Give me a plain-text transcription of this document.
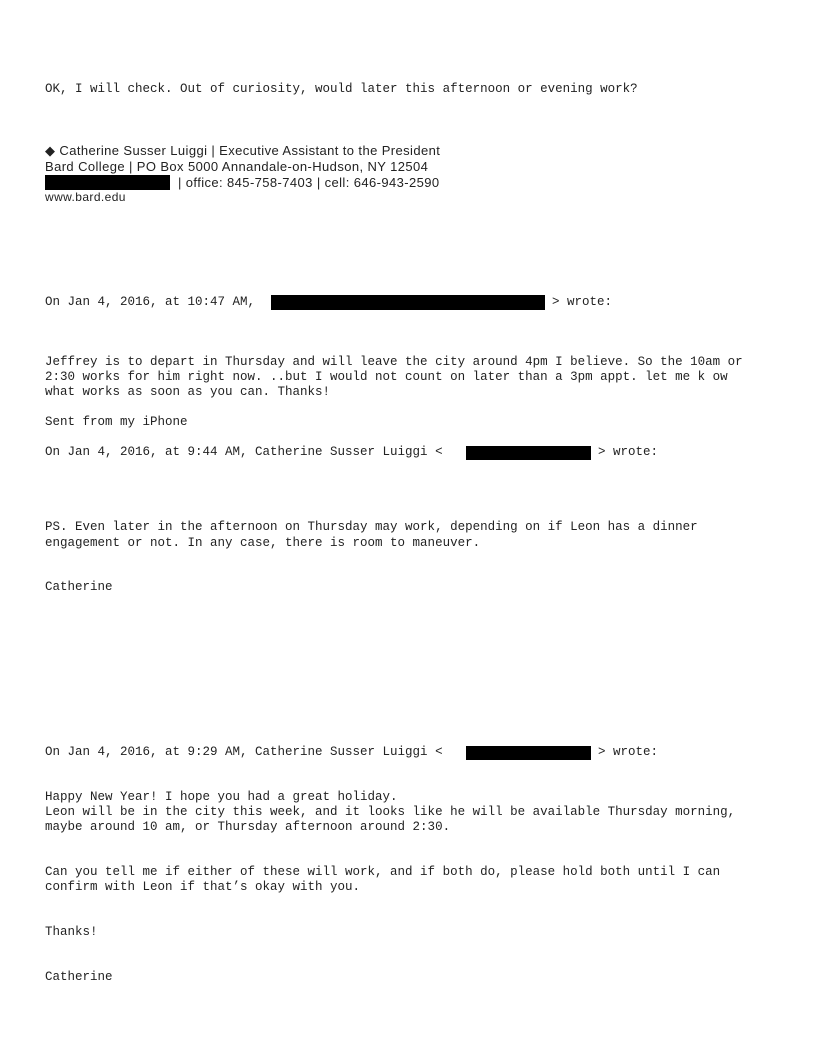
OK, I will check. Out of curiosity, would later this afternoon or evening work?

◆ Catherine Susser Luiggi | Executive Assistant to the President

Bard College | PO Box 5000 Annandale-on-Hudson, NY 12504

| office: 845-758-7403 | cell: 646-943-2590

www.bard.edu

On Jan 4, 2016, at 10:47 AM,	> wrote:

Jeffrey is to depart in Thursday and will leave the city around 4pm I believe. So the 10am or

2:30 works for him right now. ..but I would not count on later than a 3pm appt. let me k ow

what works as soon as you can. Thanks!

Sent from my iPhone

On Jan 4, 2016, at 9:44 AM, Catherine Susser Luiggi <	> wrote:

PS. Even later in the afternoon on Thursday may work, depending on if Leon has a dinner

engagement or not. In any case, there is room to maneuver.

Catherine

On Jan 4, 2016, at 9:29 AM, Catherine Susser Luiggi <	> wrote:

Happy New Year! I hope you had a great holiday.

Leon will be in the city this week, and it looks like he will be available Thursday morning,

maybe around 10 am, or Thursday afternoon around 2:30.

Can you tell me if either of these will work, and if both do, please hold both until I can

confirm with Leon if that’s okay with you.

Thanks!

Catherine
